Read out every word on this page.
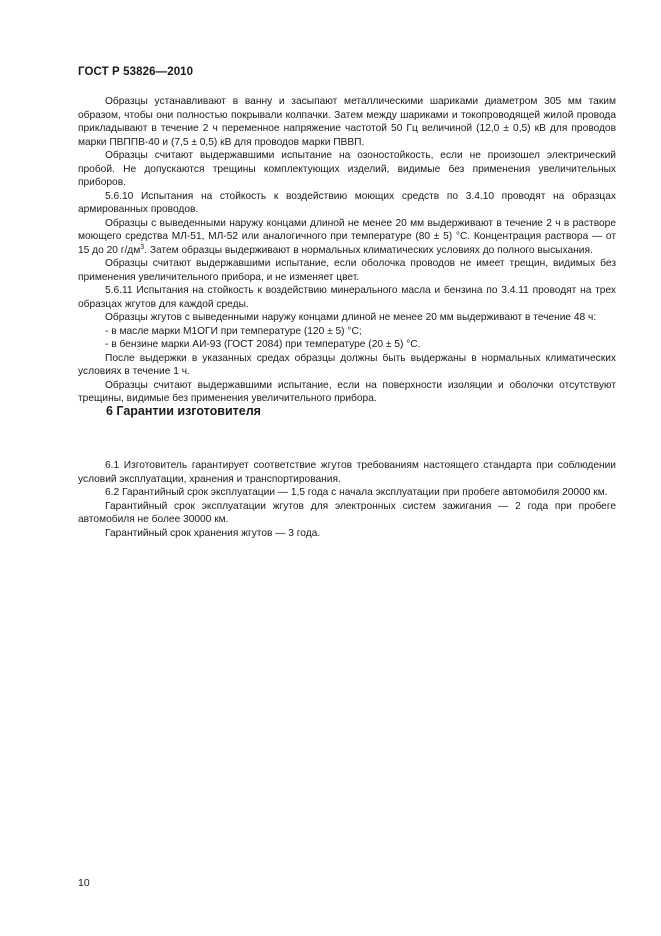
ГОСТ Р 53826—2010

Образцы устанавливают в ванну и засыпают металлическими шариками диаметром 305 мм таким образом, чтобы они полностью покрывали колпачки. Затем между шариками и токопроводящей жилой провода прикладывают в течение 2 ч переменное напряжение частотой 50 Гц величиной (12,0 ± 0,5) кВ для проводов марки ПВППВ-40 и (7,5 ± 0,5) кВ для проводов марки ПВВП.

Образцы считают выдержавшими испытание на озоностойкость, если не произошел электрический пробой. Не допускаются трещины комплектующих изделий, видимые без применения увеличительных приборов.

5.6.10 Испытания на стойкость к воздействию моющих средств по 3.4.10 проводят на образцах армированных проводов.

Образцы с выведенными наружу концами длиной не менее 20 мм выдерживают в течение 2 ч в растворе моющего средства МЛ-51, МЛ-52 или аналогичного при температуре (80 ± 5) °С. Концентрация раствора — от 15 до 20 $г/дм^3$. Затем образцы выдерживают в нормальных климатических условиях до полного высыхания.

Образцы считают выдержавшими испытание, если оболочка проводов не имеет трещин, видимых без применения увеличительного прибора, и не изменяет цвет.

5.6.11 Испытания на стойкость к воздействию минерального масла и бензина по 3.4.11 проводят на трех образцах жгутов для каждой среды.

Образцы жгутов с выведенными наружу концами длиной не менее 20 мм выдерживают в течение 48 ч:

- в масле марки М1ОГИ при температуре (120 ± 5) °С;

- в бензине марки АИ-93 (ГОСТ 2084) при температуре (20 ± 5) °С.

После выдержки в указанных средах образцы должны быть выдержаны в нормальных климатических условиях в течение 1 ч.

Образцы считают выдержавшими испытание, если на поверхности изоляции и оболочки отсутствуют трещины, видимые без применения увеличительного прибора.

6 Гарантии изготовителя

6.1 Изготовитель гарантирует соответствие жгутов требованиям настоящего стандарта при соблюдении условий эксплуатации, хранения и транспортирования.

6.2 Гарантийный срок эксплуатации — 1,5 года с начала эксплуатации при пробеге автомобиля 20000 км.

Гарантийный срок эксплуатации жгутов для электронных систем зажигания — 2 года при пробеге автомобиля не более 30000 км.

Гарантийный срок хранения жгутов — 3 года.

10
